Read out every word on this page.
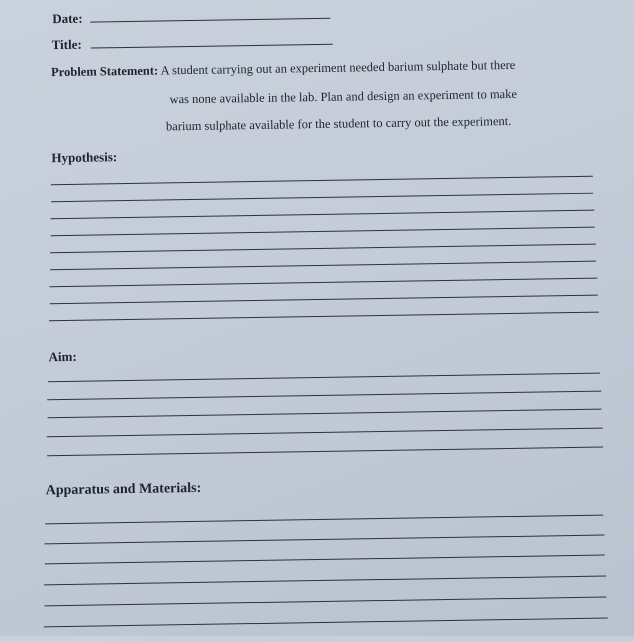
Date:
Title:
Problem Statement: A student carrying out an experiment needed barium sulphate but there
was none available in the lab. Plan and design an experiment to make
barium sulphate available for the student to carry out the experiment.
Hypothesis:
Aim:
Apparatus and Materials:
